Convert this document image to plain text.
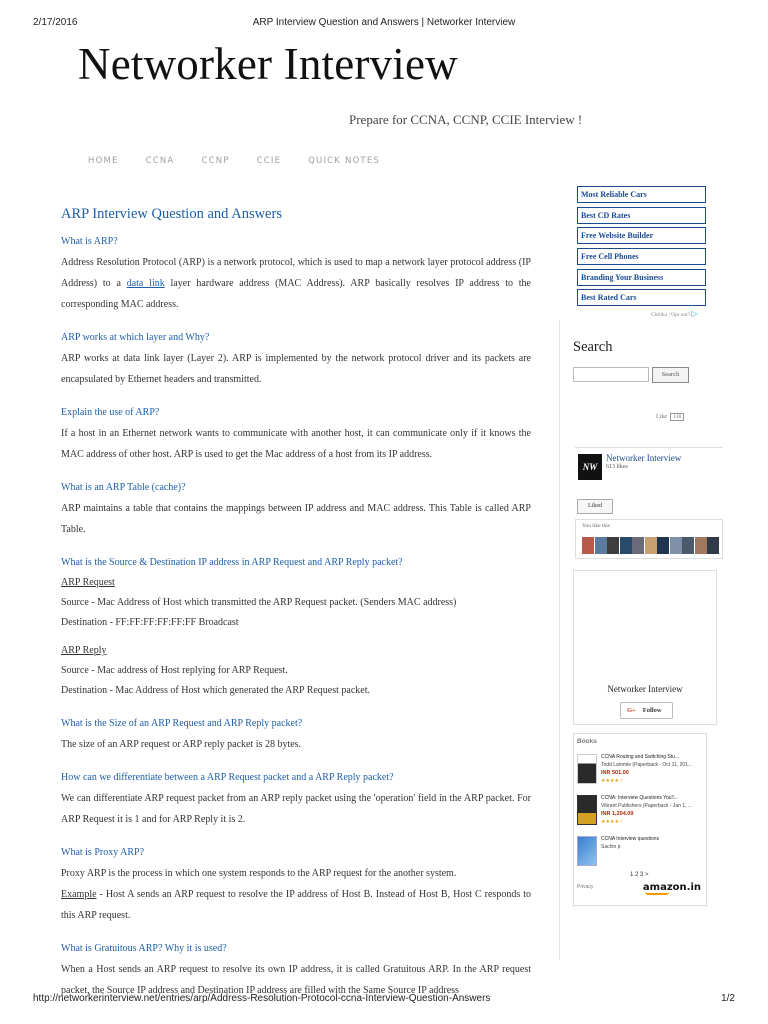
2/17/2016	ARP Interview Question and Answers | Networker Interview
Networker Interview
Prepare for CCNA, CCNP, CCIE Interview !
HOME	CCNA	CCNP	CCIE	QUICK NOTES
ARP Interview Question and Answers
What is ARP?
Address Resolution Protocol (ARP) is a network protocol, which is used to map a network layer protocol address (IP Address) to a data link layer hardware address (MAC Address). ARP basically resolves IP address to the corresponding MAC address.
ARP works at which layer and Why?
ARP works at data link layer (Layer 2). ARP is implemented by the network protocol driver and its packets are encapsulated by Ethernet headers and transmitted.
Explain the use of ARP?
If a host in an Ethernet network wants to communicate with another host, it can communicate only if it knows the MAC address of other host. ARP is used to get the Mac address of a host from its IP address.
What is an ARP Table (cache)?
ARP maintains a table that contains the mappings between IP address and MAC address. This Table is called ARP Table.
What is the Source & Destination IP address in ARP Request and ARP Reply packet?
ARP Request
Source - Mac Address of Host which transmitted the ARP Request packet. (Senders MAC address)
Destination - FF:FF:FF:FF:FF:FF Broadcast
ARP Reply
Source - Mac address of Host replying for ARP Request.
Destination - Mac Address of Host which generated the ARP Request packet.
What is the Size of an ARP Request and ARP Reply packet?
The size of an ARP request or ARP reply packet is 28 bytes.
How can we differentiate between a ARP Request packet and a ARP Reply packet?
We can differentiate ARP request packet from an ARP reply packet using the 'operation' field in the ARP packet. For ARP Request it is 1 and for ARP Reply it is 2.
What is Proxy ARP?
Proxy ARP is the process in which one system responds to the ARP request for the another system.
Example - Host A sends an ARP request to resolve the IP address of Host B. Instead of Host B, Host C responds to this ARP request.
What is Gratuitous ARP? Why it is used?
When a Host sends an ARP request to resolve its own IP address, it is called Gratuitous ARP. In the ARP request packet, the Source IP address and Destination IP address are filled with the Same Source IP address
Most Reliable Cars
Best CD Rates
Free Website Builder
Free Cell Phones
Branding Your Business
Best Rated Cars
Chitika | Opt out? ▷
Search
Search
Like 138
NW
Networker Interview
613 likes
Liked
You like this
Networker Interview
G+ Follow
Books
CCNA Routing and Switching Stu...
Todd Lammle (Paperback - Oct 11, 201...
INR 501.00
★★★★☆
CCNA: Interview Questions You'l...
Vibrant Publishers (Paperback - Jan 1, ...
INR 1,204.09
★★★★☆
CCNA Interview questions
Sachin p
1 2 3 >
Privacy	amazon.in
http://networkerinterview.net/entries/arp/Address-Resolution-Protocol-ccna-Interview-Question-Answers	1/2
